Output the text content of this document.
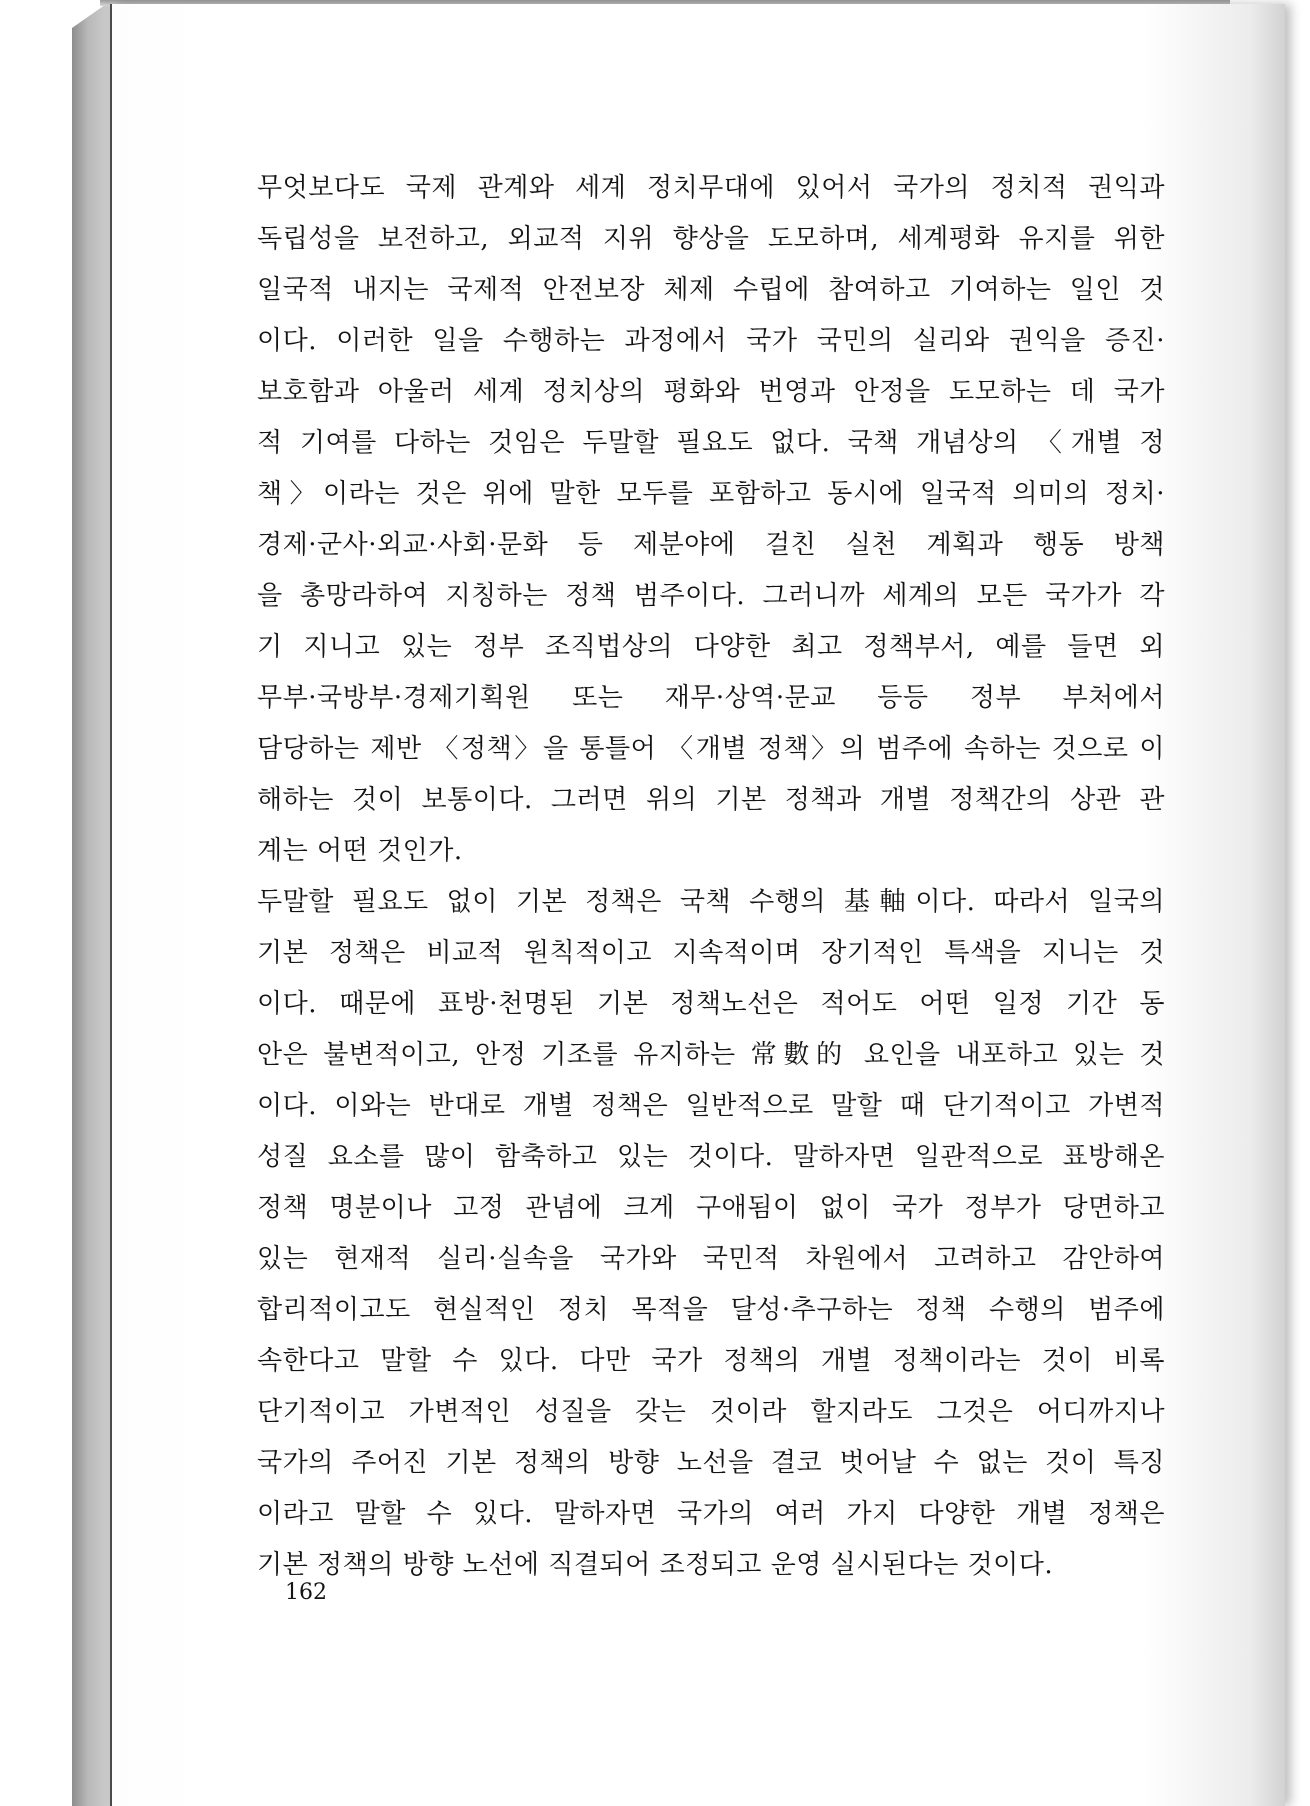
무엇보다도 국제 관계와 세계 정치무대에 있어서 국가의 정치적 권익과
독립성을 보전하고, 외교적 지위 향상을 도모하며, 세계평화 유지를 위한
일국적 내지는 국제적 안전보장 체제 수립에 참여하고 기여하는 일인 것
이다. 이러한 일을 수행하는 과정에서 국가 국민의 실리와 권익을 증진·
보호함과 아울러 세계 정치상의 평화와 번영과 안정을 도모하는 데 국가
적 기여를 다하는 것임은 두말할 필요도 없다. 국책 개념상의 〈개별 정
책〉이라는 것은 위에 말한 모두를 포함하고 동시에 일국적 의미의 정치·
경제·군사·외교·사회·문화 등 제분야에 걸친 실천 계획과 행동 방책
을 총망라하여 지칭하는 정책 범주이다. 그러니까 세계의 모든 국가가 각
기 지니고 있는 정부 조직법상의 다양한 최고 정책부서, 예를 들면 외
무부·국방부·경제기획원 또는 재무·상역·문교 등등 정부 부처에서
담당하는 제반 〈정책〉을 통틀어 〈개별 정책〉의 범주에 속하는 것으로 이
해하는 것이 보통이다. 그러면 위의 기본 정책과 개별 정책간의 상관 관
계는 어떤 것인가.
두말할 필요도 없이 기본 정책은 국책 수행의 基軸이다. 따라서 일국의
기본 정책은 비교적 원칙적이고 지속적이며 장기적인 특색을 지니는 것
이다. 때문에 표방·천명된 기본 정책노선은 적어도 어떤 일정 기간 동
안은 불변적이고, 안정 기조를 유지하는 常數的 요인을 내포하고 있는 것
이다. 이와는 반대로 개별 정책은 일반적으로 말할 때 단기적이고 가변적
성질 요소를 많이 함축하고 있는 것이다. 말하자면 일관적으로 표방해온
정책 명분이나 고정 관념에 크게 구애됨이 없이 국가 정부가 당면하고
있는 현재적 실리·실속을 국가와 국민적 차원에서 고려하고 감안하여
합리적이고도 현실적인 정치 목적을 달성·추구하는 정책 수행의 범주에
속한다고 말할 수 있다. 다만 국가 정책의 개별 정책이라는 것이 비록
단기적이고 가변적인 성질을 갖는 것이라 할지라도 그것은 어디까지나
국가의 주어진 기본 정책의 방향 노선을 결코 벗어날 수 없는 것이 특징
이라고 말할 수 있다. 말하자면 국가의 여러 가지 다양한 개별 정책은
기본 정책의 방향 노선에 직결되어 조정되고 운영 실시된다는 것이다.
162
